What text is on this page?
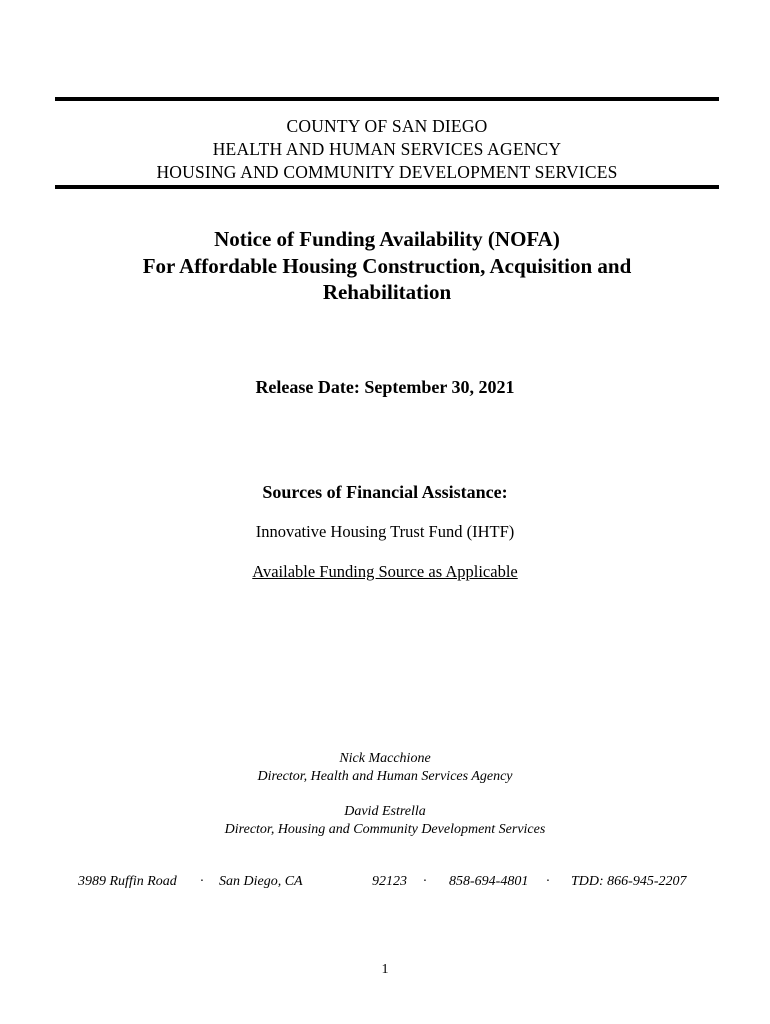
COUNTY OF SAN DIEGO
HEALTH AND HUMAN SERVICES AGENCY
HOUSING AND COMMUNITY DEVELOPMENT SERVICES
Notice of Funding Availability (NOFA)
For Affordable Housing Construction, Acquisition and
Rehabilitation
Release Date: September 30, 2021
Sources of Financial Assistance:
Innovative Housing Trust Fund (IHTF)
Available Funding Source as Applicable
Nick Macchione
Director, Health and Human Services Agency
David Estrella
Director, Housing and Community Development Services
3989 Ruffin Road · San Diego, CA	92123 · 858-694-4801 · TDD: 866-945-2207
1
